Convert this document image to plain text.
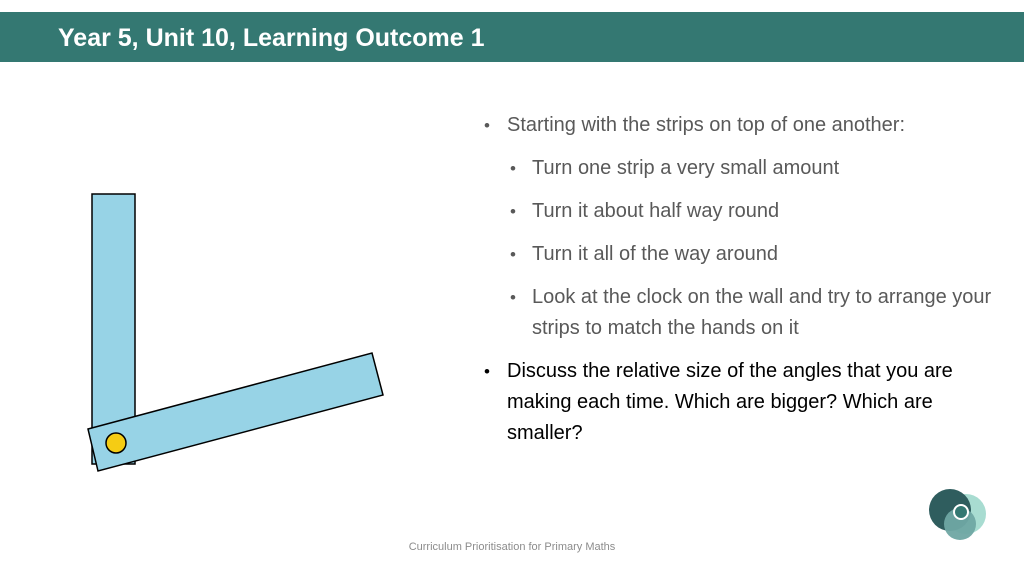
Year 5, Unit 10, Learning Outcome 1
• Starting with the strips on top of one another:
• Turn one strip a very small amount
• Turn it about half way round
• Turn it all of the way around
• Look at the clock on the wall and try to arrange your strips to match the hands on it
• Discuss the relative size of the angles that you are making each time. Which are bigger? Which are smaller?
Curriculum Prioritisation for Primary Maths
